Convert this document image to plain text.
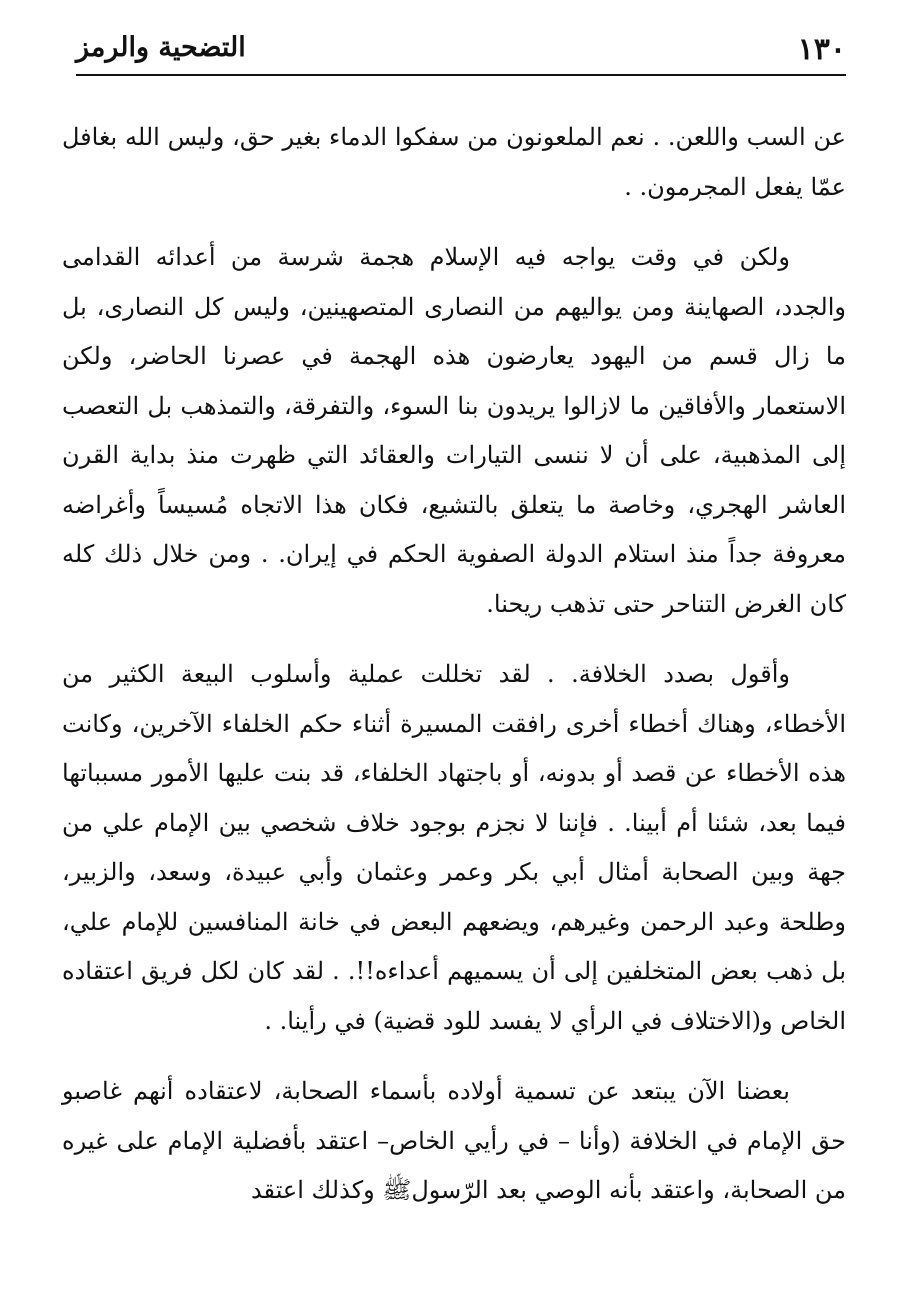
١٣٠
التضحية والرمز

عن السب واللعن. . نعم الملعونون من سفكوا الدماء بغير حق، وليس الله بغافل عمّا يفعل المجرمون. .

ولكن في وقت يواجه فيه الإسلام هجمة شرسة من أعدائه القدامى والجدد، الصهاينة ومن يواليهم من النصارى المتصهينين، وليس كل النصارى، بل ما زال قسم من اليهود يعارضون هذه الهجمة في عصرنا الحاضر، ولكن الاستعمار والأفاقين ما لازالوا يريدون بنا السوء، والتفرقة، والتمذهب بل التعصب إلى المذهبية، على أن لا ننسى التيارات والعقائد التي ظهرت منذ بداية القرن العاشر الهجري، وخاصة ما يتعلق بالتشيع، فكان هذا الاتجاه مُسيساً وأغراضه معروفة جداً منذ استلام الدولة الصفوية الحكم في إيران. . ومن خلال ذلك كله كان الغرض التناحر حتى تذهب ريحنا.

وأقول بصدد الخلافة. . لقد تخللت عملية وأسلوب البيعة الكثير من الأخطاء، وهناك أخطاء أخرى رافقت المسيرة أثناء حكم الخلفاء الآخرين، وكانت هذه الأخطاء عن قصد أو بدونه، أو باجتهاد الخلفاء، قد بنت عليها الأمور مسبباتها فيما بعد، شئنا أم أبينا. . فإننا لا نجزم بوجود خلاف شخصي بين الإمام علي من جهة وبين الصحابة أمثال أبي بكر وعمر وعثمان وأبي عبيدة، وسعد، والزبير، وطلحة وعبد الرحمن وغيرهم، ويضعهم البعض في خانة المنافسين للإمام علي، بل ذهب بعض المتخلفين إلى أن يسميهم أعداءه!!. . لقد كان لكل فريق اعتقاده الخاص و(الاختلاف في الرأي لا يفسد للود قضية) في رأينا. .

بعضنا الآن يبتعد عن تسمية أولاده بأسماء الصحابة، لاعتقاده أنهم غاصبو حق الإمام في الخلافة (وأنا – في رأيي الخاص– اعتقد بأفضلية الإمام على غيره من الصحابة، واعتقد بأنه الوصي بعد الرّسولﷺ وكذلك اعتقد
